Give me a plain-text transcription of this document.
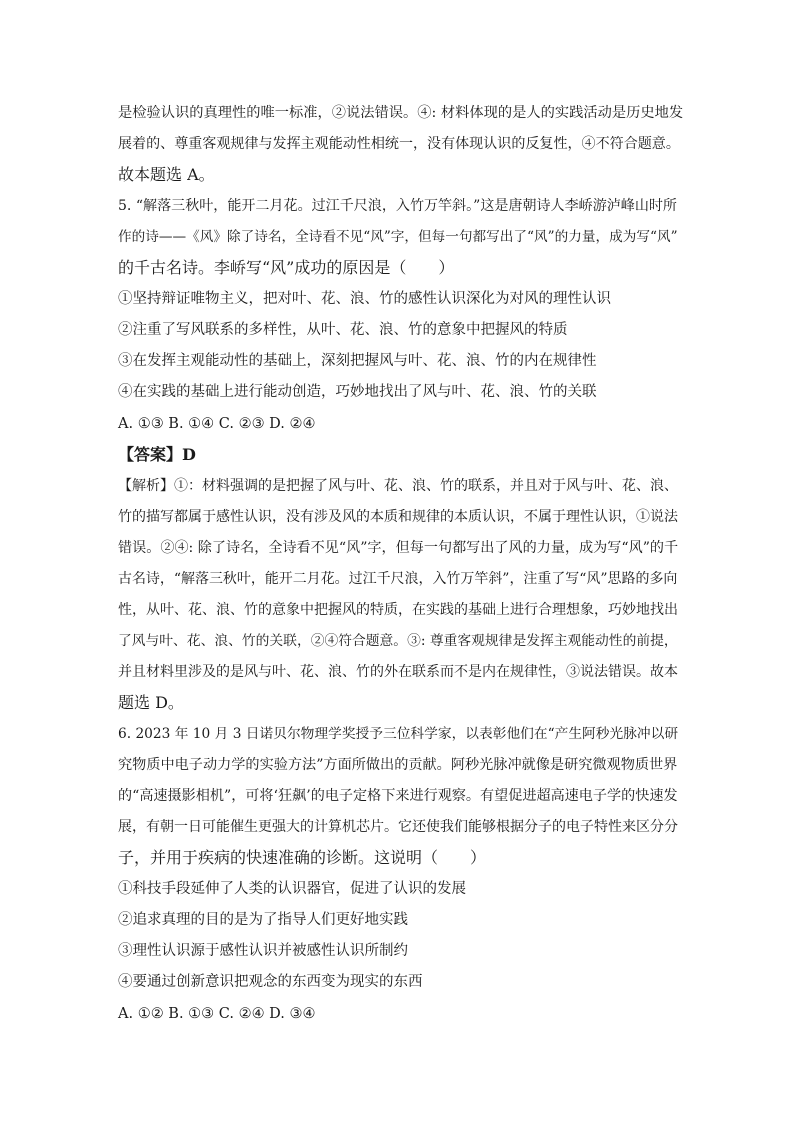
是检验认识的真理性的唯一标准，②说法错误。④: 材料体现的是人的实践活动是历史地发
展着的、尊重客观规律与发挥主观能动性相统一，没有体现认识的反复性，④不符合题意。
故本题选 A。
5. “解落三秋叶，能开二月花。过江千尺浪，入竹万竿斜。”这是唐朝诗人李峤游泸峰山时所
作的诗——《风》除了诗名，全诗看不见“风”字，但每一句都写出了“风”的力量，成为写“风”
的千古名诗。李峤写“风”成功的原因是（　　）
①坚持辩证唯物主义，把对叶、花、浪、竹的感性认识深化为对风的理性认识
②注重了写风联系的多样性，从叶、花、浪、竹的意象中把握风的特质
③在发挥主观能动性的基础上，深刻把握风与叶、花、浪、竹的内在规律性
④在实践的基础上进行能动创造，巧妙地找出了风与叶、花、浪、竹的关联
A. ①③ B. ①④ C. ②③ D. ②④
【答案】D
【解析】①：材料强调的是把握了风与叶、花、浪、竹的联系，并且对于风与叶、花、浪、
竹的描写都属于感性认识，没有涉及风的本质和规律的本质认识，不属于理性认识，①说法
错误。②④: 除了诗名，全诗看不见“风”字，但每一句都写出了风的力量，成为写“风”的千
古名诗，“解落三秋叶，能开二月花。过江千尺浪，入竹万竿斜”，注重了写“风”思路的多向
性，从叶、花、浪、竹的意象中把握风的特质，在实践的基础上进行合理想象，巧妙地找出
了风与叶、花、浪、竹的关联，②④符合题意。③: 尊重客观规律是发挥主观能动性的前提，
并且材料里涉及的是风与叶、花、浪、竹的外在联系而不是内在规律性，③说法错误。故本
题选 D。
6. 2023 年 10 月 3 日诺贝尔物理学奖授予三位科学家，以表彰他们在“产生阿秒光脉冲以研
究物质中电子动力学的实验方法”方面所做出的贡献。阿秒光脉冲就像是研究微观物质世界
的“高速摄影相机”，可将‘狂飙’的电子定格下来进行观察。有望促进超高速电子学的快速发
展，有朝一日可能催生更强大的计算机芯片。它还使我们能够根据分子的电子特性来区分分
子，并用于疾病的快速准确的诊断。这说明（　　）
①科技手段延伸了人类的认识器官，促进了认识的发展
②追求真理的目的是为了指导人们更好地实践
③理性认识源于感性认识并被感性认识所制约
④要通过创新意识把观念的东西变为现实的东西
A. ①② B. ①③ C. ②④ D. ③④
